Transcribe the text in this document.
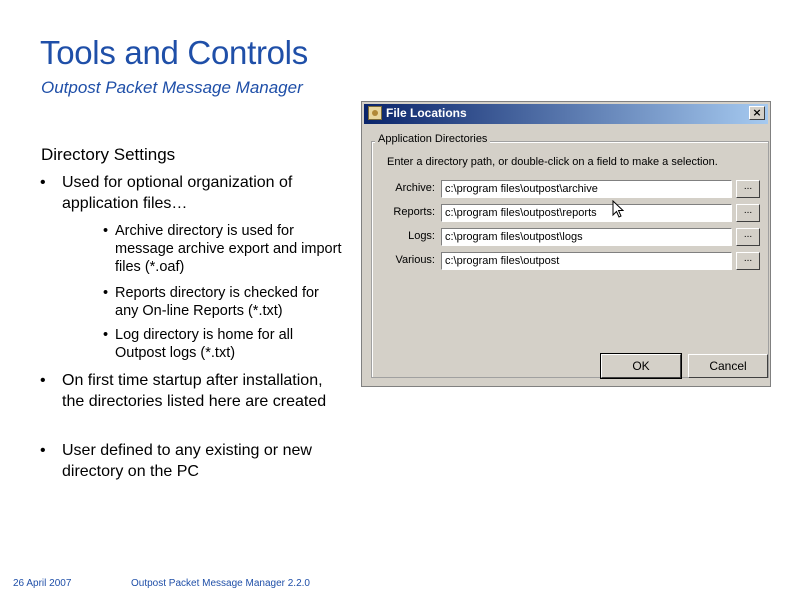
Tools and Controls
Outpost Packet Message Manager
Directory Settings
• Used for optional organization of application files…
• Archive directory is used for message archive export and import files (*.oaf)
• Reports directory is checked for any On-line Reports (*.txt)
• Log directory is home for all Outpost logs (*.txt)
• On first time startup after installation, the directories listed here are created
• User defined to any existing or new directory on the PC
File Locations	×
Application Directories
Enter a directory path, or double-click on a field to make a selection.
Archive:
c:\program files\outpost\archive	...
Reports:
c:\program files\outpost\reports	...
Logs:
c:\program files\outpost\logs	...
Various:
c:\program files\outpost	...
OK	Cancel
26 April 2007	Outpost Packet Message Manager 2.2.0
